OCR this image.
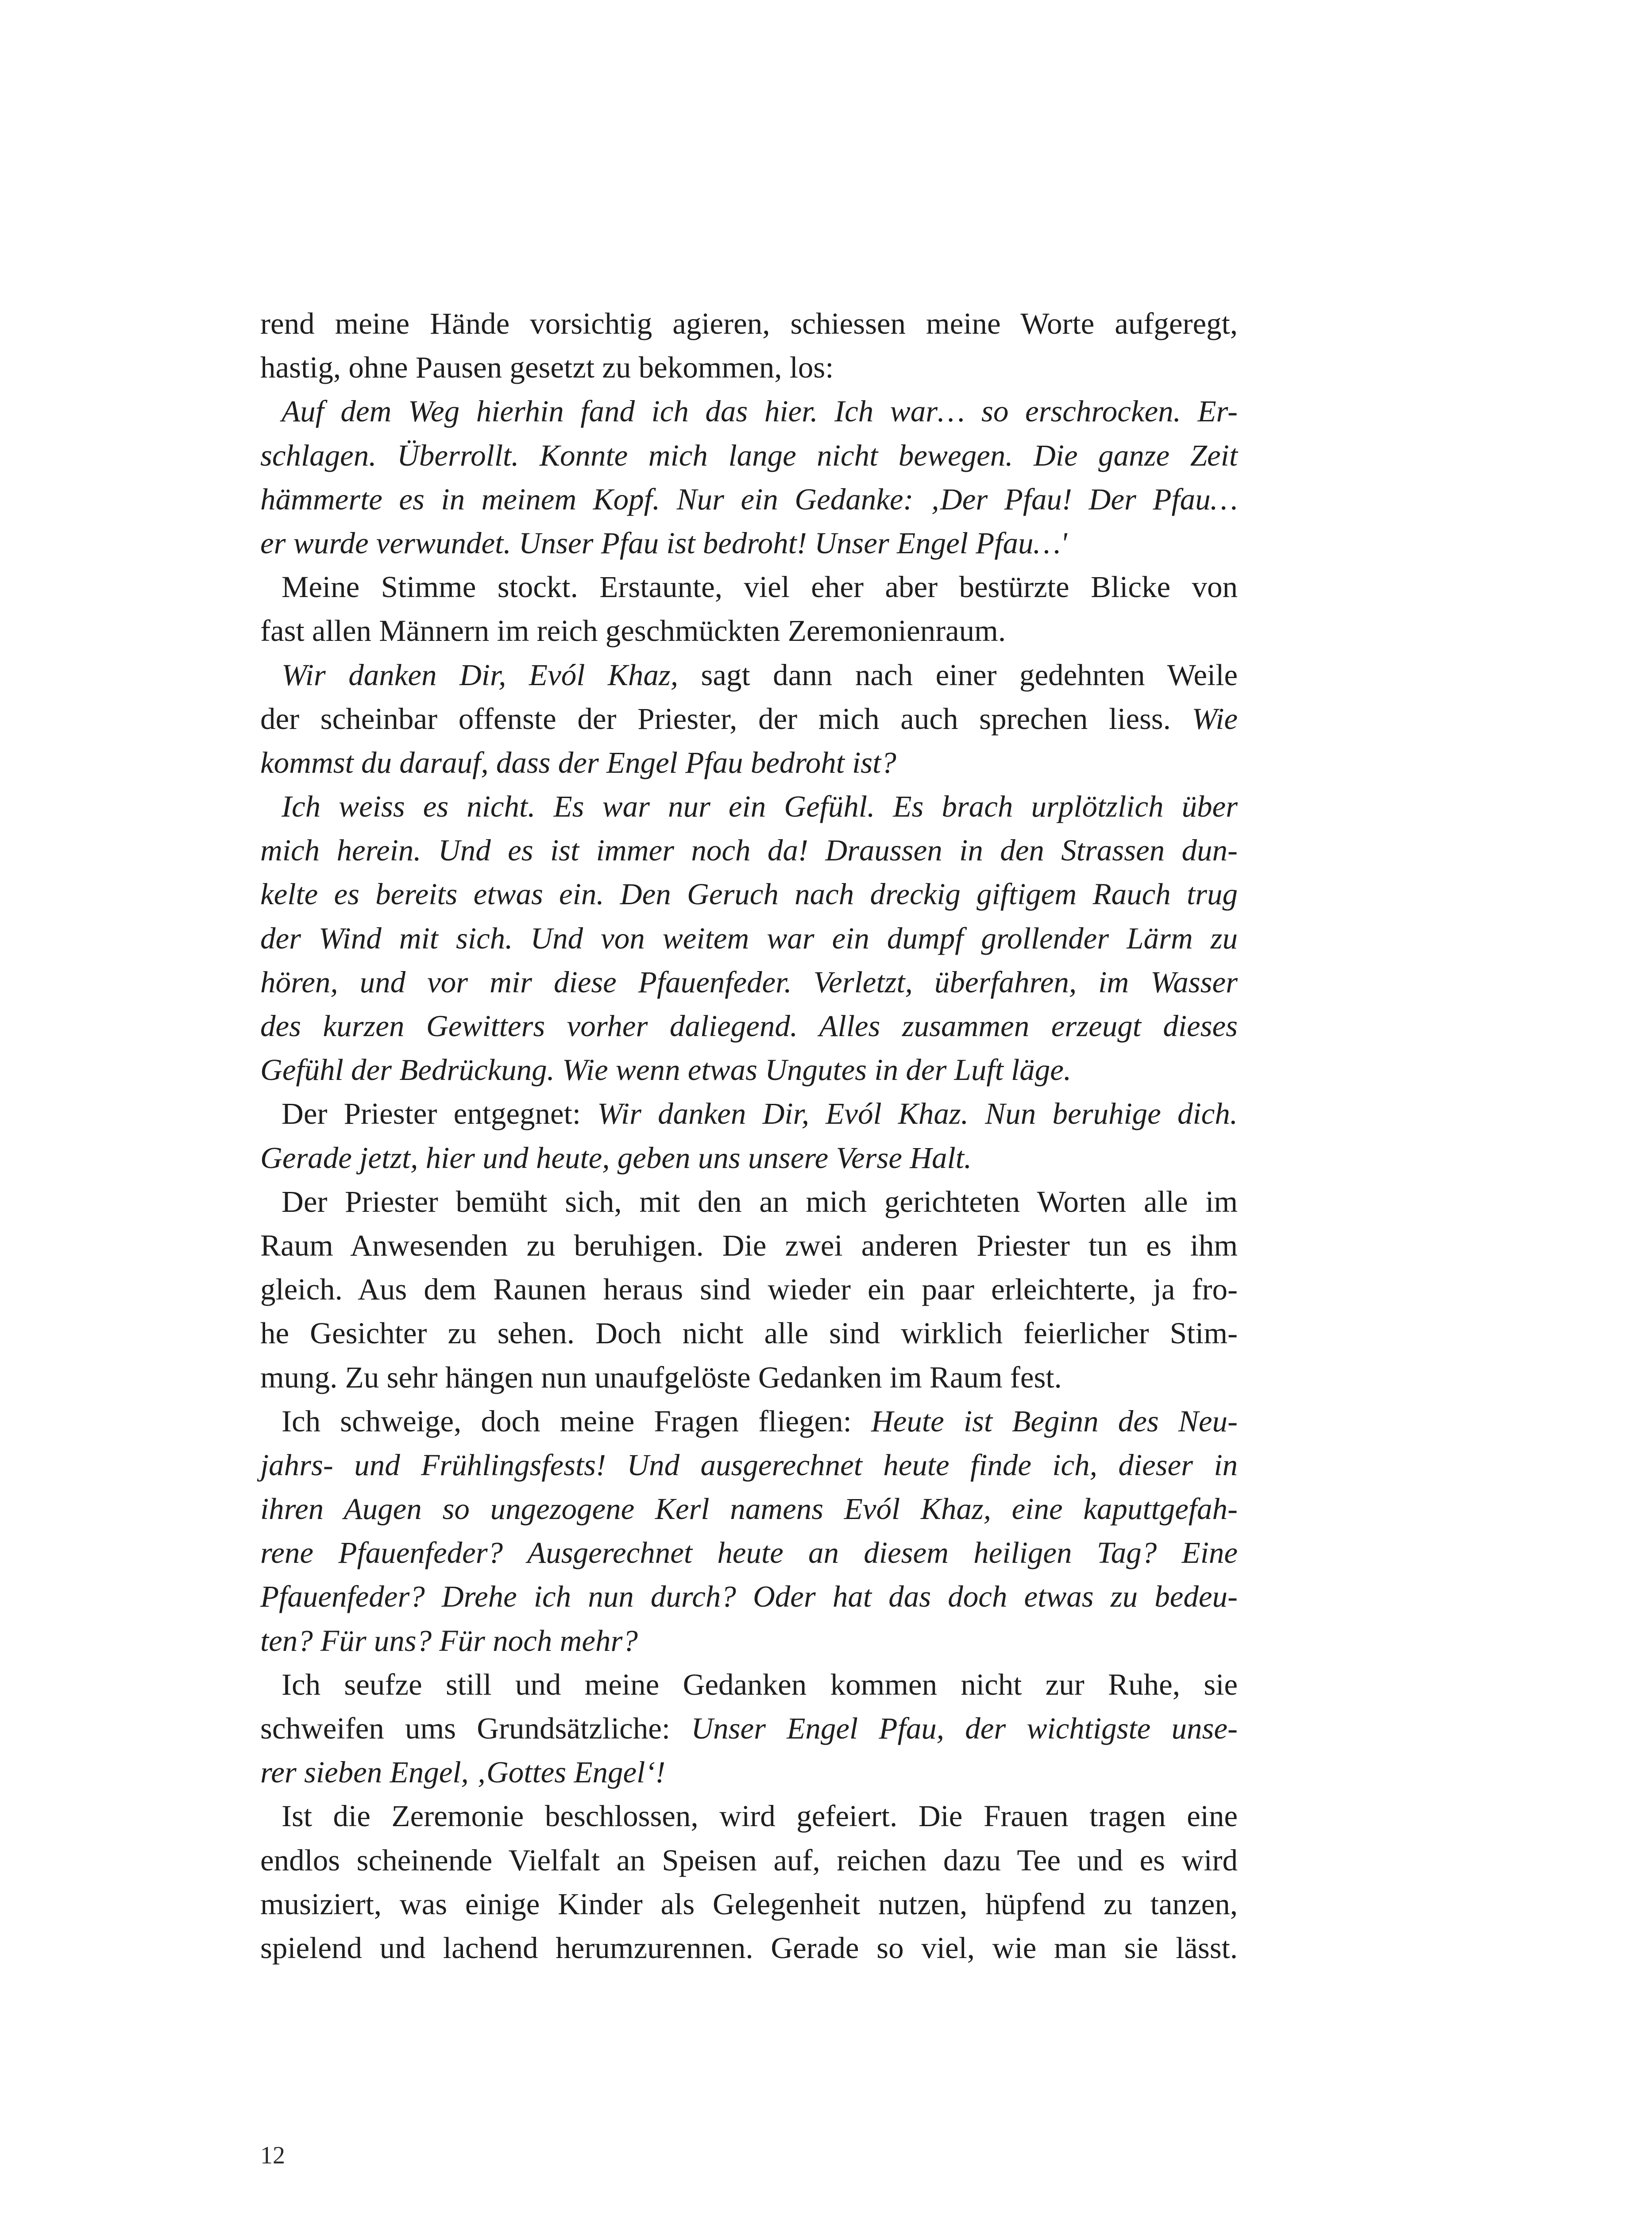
rend meine Hände vorsichtig agieren, schiessen meine Worte aufgeregt,
hastig, ohne Pausen gesetzt zu bekommen, los:
Auf dem Weg hierhin fand ich das hier. Ich war… so erschrocken. Er-
schlagen. Überrollt. Konnte mich lange nicht bewegen. Die ganze Zeit
hämmerte es in meinem Kopf. Nur ein Gedanke: ‚Der Pfau! Der Pfau…
er wurde verwundet. Unser Pfau ist bedroht! Unser Engel Pfau…'
Meine Stimme stockt. Erstaunte, viel eher aber bestürzte Blicke von
fast allen Männern im reich geschmückten Zeremonienraum.
Wir danken Dir, Evól Khaz, sagt dann nach einer gedehnten Weile
der scheinbar offenste der Priester, der mich auch sprechen liess. Wie
kommst du darauf, dass der Engel Pfau bedroht ist?
Ich weiss es nicht. Es war nur ein Gefühl. Es brach urplötzlich über
mich herein. Und es ist immer noch da! Draussen in den Strassen dun-
kelte es bereits etwas ein. Den Geruch nach dreckig giftigem Rauch trug
der Wind mit sich. Und von weitem war ein dumpf grollender Lärm zu
hören, und vor mir diese Pfauenfeder. Verletzt, überfahren, im Wasser
des kurzen Gewitters vorher daliegend. Alles zusammen erzeugt dieses
Gefühl der Bedrückung. Wie wenn etwas Ungutes in der Luft läge.
Der Priester entgegnet: Wir danken Dir, Evól Khaz. Nun beruhige dich.
Gerade jetzt, hier und heute, geben uns unsere Verse Halt.
Der Priester bemüht sich, mit den an mich gerichteten Worten alle im
Raum Anwesenden zu beruhigen. Die zwei anderen Priester tun es ihm
gleich. Aus dem Raunen heraus sind wieder ein paar erleichterte, ja fro-
he Gesichter zu sehen. Doch nicht alle sind wirklich feierlicher Stim-
mung. Zu sehr hängen nun unaufgelöste Gedanken im Raum fest.
Ich schweige, doch meine Fragen fliegen: Heute ist Beginn des Neu-
jahrs- und Frühlingsfests! Und ausgerechnet heute finde ich, dieser in
ihren Augen so ungezogene Kerl namens Evól Khaz, eine kaputtgefah-
rene Pfauenfeder? Ausgerechnet heute an diesem heiligen Tag? Eine
Pfauenfeder? Drehe ich nun durch? Oder hat das doch etwas zu bedeu-
ten? Für uns? Für noch mehr?
Ich seufze still und meine Gedanken kommen nicht zur Ruhe, sie
schweifen ums Grundsätzliche: Unser Engel Pfau, der wichtigste unse-
rer sieben Engel, ‚Gottes Engel‘!
Ist die Zeremonie beschlossen, wird gefeiert. Die Frauen tragen eine
endlos scheinende Vielfalt an Speisen auf, reichen dazu Tee und es wird
musiziert, was einige Kinder als Gelegenheit nutzen, hüpfend zu tanzen,
spielend und lachend herumzurennen. Gerade so viel, wie man sie lässt.
12
